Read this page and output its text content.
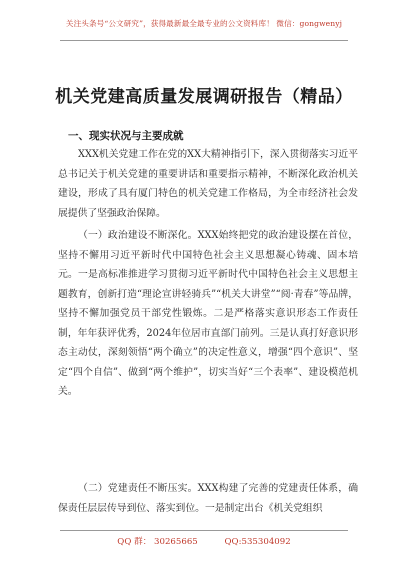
关注头条号“公文研究”，获得最新最全最专业的公文资料库！ 微信：gongwenyj
机关党建高质量发展调研报告（精品）
一、现实状况与主要成就
XXX机关党建工作在党的XX大精神指引下，深入贯彻落实习近平总书记关于机关党建的重要讲话和重要指示精神，不断深化政治机关建设，形成了具有厦门特色的机关党建工作格局，为全市经济社会发展提供了坚强政治保障。
（一）政治建设不断深化。XXX始终把党的政治建设摆在首位，坚持不懈用习近平新时代中国特色社会主义思想凝心铸魂、固本培元。一是高标准推进学习贯彻习近平新时代中国特色社会主义思想主题教育，创新打造“理论宣讲轻骑兵”“机关大讲堂”“阅·青春”等品牌，坚持不懈加强党员干部党性锻炼。二是严格落实意识形态工作责任制，年年获评优秀，2024年位居市直部门前列。三是认真打好意识形态主动仗，深刻领悟“两个确立”的决定性意义，增强“四个意识”、坚定“四个自信”、做到“两个维护”，切实当好“三个表率”、建设模范机关。
（二）党建责任不断压实。XXX构建了完善的党建责任体系，确保责任层层传导到位、落实到位。一是制定出台《机关党组织
QQ 群： 30265665	QQ:535304092
